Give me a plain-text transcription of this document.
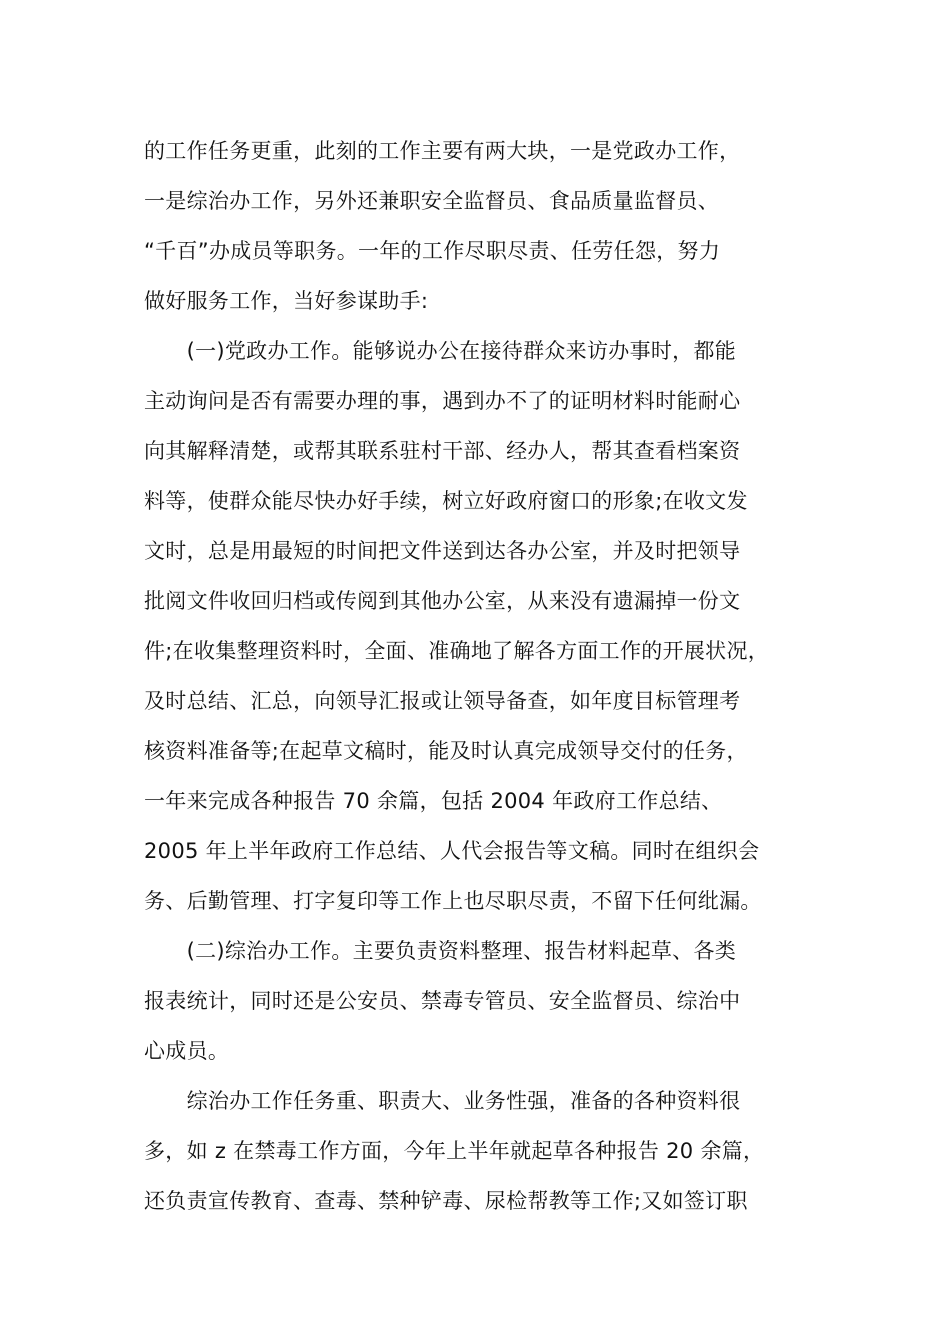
的工作任务更重，此刻的工作主要有两大块，一是党政办工作，
一是综治办工作，另外还兼职安全监督员、食品质量监督员、
“千百”办成员等职务。一年的工作尽职尽责、任劳任怨，努力
做好服务工作，当好参谋助手:
　　(一)党政办工作。能够说办公在接待群众来访办事时，都能
主动询问是否有需要办理的事，遇到办不了的证明材料时能耐心
向其解释清楚，或帮其联系驻村干部、经办人，帮其查看档案资
料等，使群众能尽快办好手续，树立好政府窗口的形象;在收文发
文时，总是用最短的时间把文件送到达各办公室，并及时把领导
批阅文件收回归档或传阅到其他办公室，从来没有遗漏掉一份文
件;在收集整理资料时，全面、准确地了解各方面工作的开展状况，
及时总结、汇总，向领导汇报或让领导备查，如年度目标管理考
核资料准备等;在起草文稿时，能及时认真完成领导交付的任务，
一年来完成各种报告 70 余篇，包括 2004 年政府工作总结、
2005 年上半年政府工作总结、人代会报告等文稿。同时在组织会
务、后勤管理、打字复印等工作上也尽职尽责，不留下任何纰漏。
　　(二)综治办工作。主要负责资料整理、报告材料起草、各类
报表统计，同时还是公安员、禁毒专管员、安全监督员、综治中
心成员。
　　综治办工作任务重、职责大、业务性强，准备的各种资料很
多，如 z 在禁毒工作方面，今年上半年就起草各种报告 20 余篇，
还负责宣传教育、查毒、禁种铲毒、尿检帮教等工作;又如签订职
